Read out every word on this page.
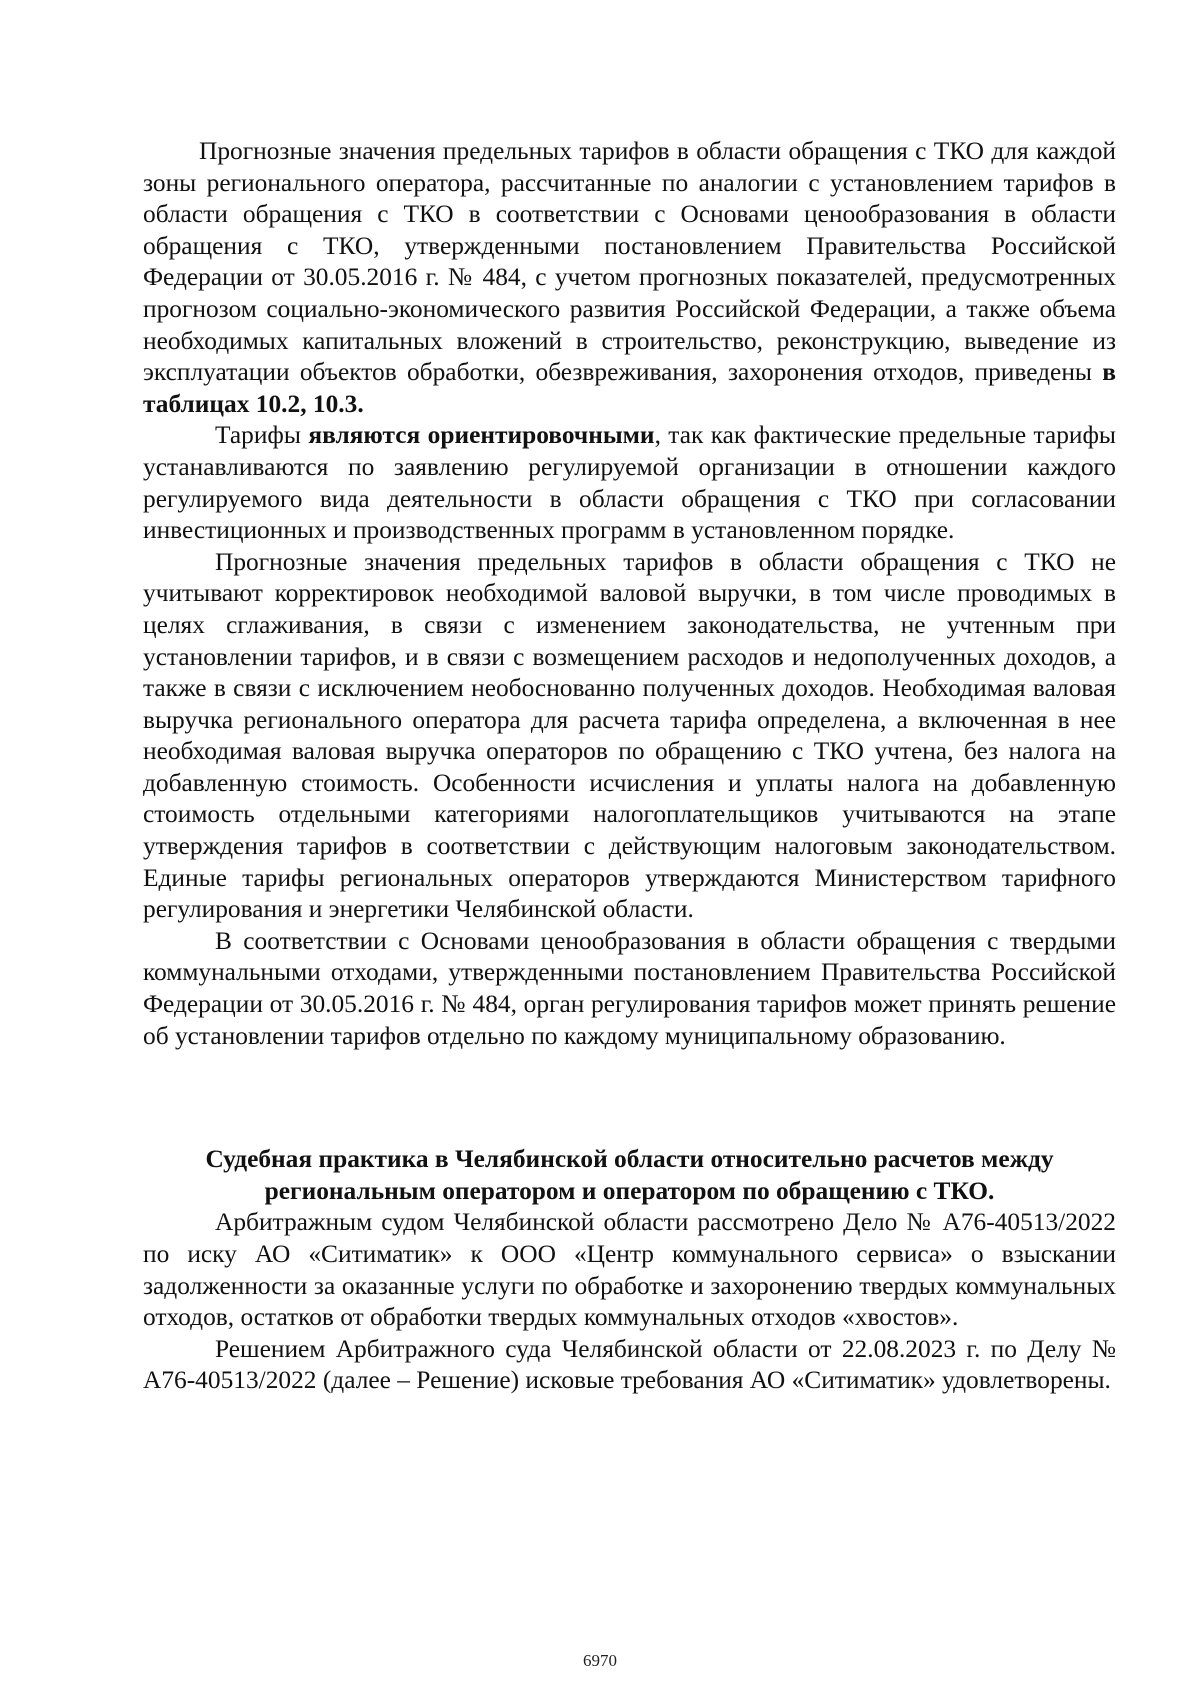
Прогнозные значения предельных тарифов в области обращения с ТКО для каждой зоны регионального оператора, рассчитанные по аналогии с установлением тарифов в области обращения с ТКО в соответствии с Основами ценообразования в области обращения с ТКО, утвержденными постановлением Правительства Российской Федерации от 30.05.2016 г. № 484, с учетом прогнозных показателей, предусмотренных прогнозом социально-экономического развития Российской Федерации, а также объема необходимых капитальных вложений в строительство, реконструкцию, выведение из эксплуатации объектов обработки, обезвреживания, захоронения отходов, приведены в таблицах 10.2, 10.3.

Тарифы являются ориентировочными, так как фактические предельные тарифы устанавливаются по заявлению регулируемой организации в отношении каждого регулируемого вида деятельности в области обращения с ТКО при согласовании инвестиционных и производственных программ в установленном порядке.

Прогнозные значения предельных тарифов в области обращения с ТКО не учитывают корректировок необходимой валовой выручки, в том числе проводимых в целях сглаживания, в связи с изменением законодательства, не учтенным при установлении тарифов, и в связи с возмещением расходов и недополученных доходов, а также в связи с исключением необоснованно полученных доходов. Необходимая валовая выручка регионального оператора для расчета тарифа определена, а включенная в нее необходимая валовая выручка операторов по обращению с ТКО учтена, без налога на добавленную стоимость. Особенности исчисления и уплаты налога на добавленную стоимость отдельными категориями налогоплательщиков учитываются на этапе утверждения тарифов в соответствии с действующим налоговым законодательством. Единые тарифы региональных операторов утверждаются Министерством тарифного регулирования и энергетики Челябинской области.

В соответствии с Основами ценообразования в области обращения с твердыми коммунальными отходами, утвержденными постановлением Правительства Российской Федерации от 30.05.2016 г. № 484, орган регулирования тарифов может принять решение об установлении тарифов отдельно по каждому муниципальному образованию.

Судебная практика в Челябинской области относительно расчетов между региональным оператором и оператором по обращению с ТКО.

Арбитражным судом Челябинской области рассмотрено Дело № А76-40513/2022 по иску АО «Ситиматик» к ООО «Центр коммунального сервиса» о взыскании задолженности за оказанные услуги по обработке и захоронению твердых коммунальных отходов, остатков от обработки твердых коммунальных отходов «хвостов».

Решением Арбитражного суда Челябинской области от 22.08.2023 г. по Делу № А76-40513/2022 (далее – Решение) исковые требования АО «Ситиматик» удовлетворены.

6970
